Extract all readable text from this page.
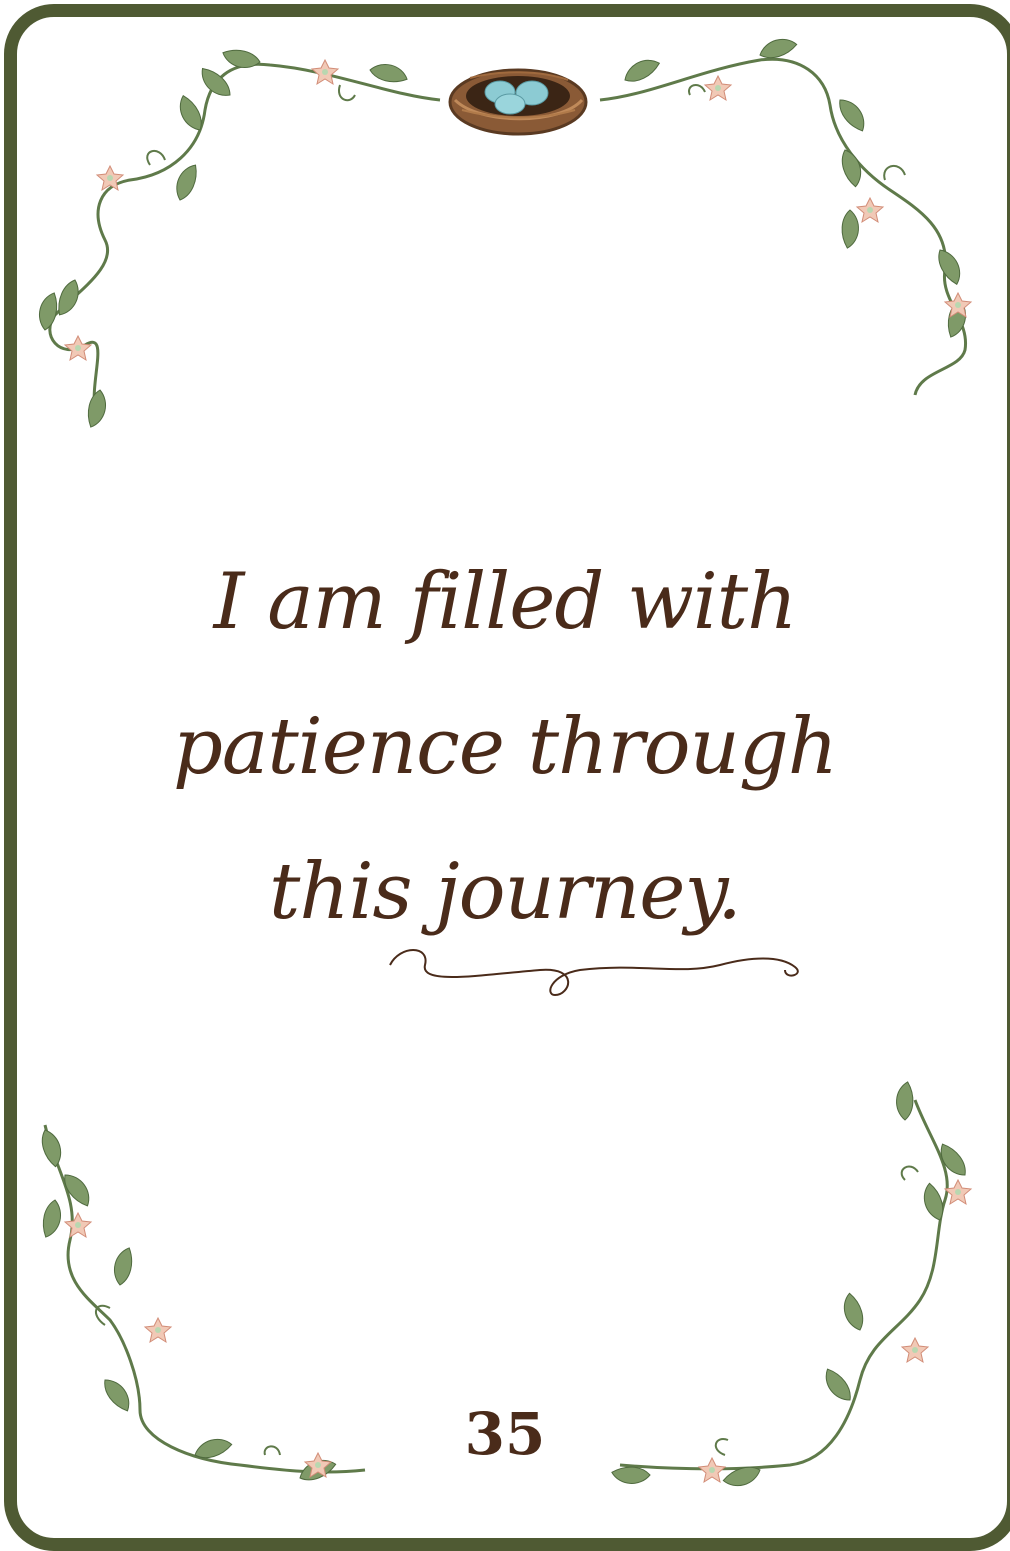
I am filled with
patience through
this journey.
35
